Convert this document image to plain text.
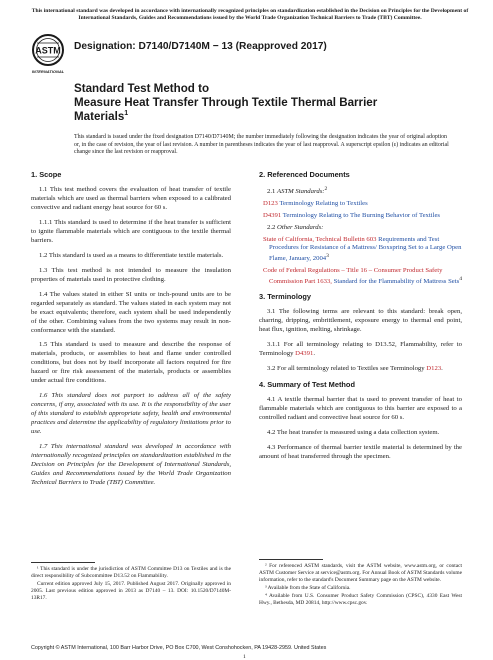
This international standard was developed in accordance with internationally recognized principles on standardization established in the Decision on Principles for the Development of International Standards, Guides and Recommendations issued by the World Trade Organization Technical Barriers to Trade (TBT) Committee.
ASTM
INTERNATIONAL
Designation: D7140/D7140M − 13 (Reapproved 2017)
Standard Test Method to
Measure Heat Transfer Through Textile Thermal Barrier
Materials$^1$
This standard is issued under the fixed designation D7140/D7140M; the number immediately following the designation indicates the year of original adoption or, in the case of revision, the year of last revision. A number in parentheses indicates the year of last reapproval. A superscript epsilon (ε) indicates an editorial change since the last revision or reapproval.
1. Scope

1.1 This test method covers the evaluation of heat transfer of textile materials which are used as thermal barriers when exposed to a calibrated convective and radiant energy heat source for 60 s.

1.1.1 This standard is used to determine if the heat transfer is sufficient to ignite flammable materials which are contiguous to the textile thermal barriers.

1.2 This standard is used as a means to differentiate textile materials.

1.3 This test method is not intended to measure the insulation properties of materials used in protective clothing.

1.4 The values stated in either SI units or inch-pound units are to be regarded separately as standard. The values stated in each system may not be exact equivalents; therefore, each system shall be used independently of the other. Combining values from the two systems may result in non-conformance with the standard.

1.5 This standard is used to measure and describe the response of materials, products, or assemblies to heat and flame under controlled conditions, but does not by itself incorporate all factors required for fire hazard or fire risk assessment of the materials, products or assemblies under actual fire conditions.

1.6 This standard does not purport to address all of the safety concerns, if any, associated with its use. It is the responsibility of the user of this standard to establish appropriate safety, health and environmental practices and determine the applicability of regulatory limitations prior to use.

1.7 This international standard was developed in accordance with internationally recognized principles on standardization established in the Decision on Principles for the Development of International Standards, Guides and Recommendations issued by the World Trade Organization Technical Barriers to Trade (TBT) Committee.

2. Referenced Documents
2.1 ASTM Standards:$^2$
D123 Terminology Relating to Textiles
D4391 Terminology Relating to The Burning Behavior of Textiles
2.2 Other Standards:
State of California, Technical Bulletin 603 Requirements and Test Procedures for Resistance of a Mattress/ Boxspring Set to a Large Open Flame, January, 2004$^3$
Code of Federal Regulations – Title 16 – Consumer Product Safety Commission Part 1633, Standard for the Flammability of Mattress Sets$^4$
3. Terminology

3.1 The following terms are relevant to this standard: break open, charring, dripping, embrittlement, exposure energy to thermal end point, heat flux, ignition, melting, shrinkage.

3.1.1 For all terminology relating to D13.52, Flammability, refer to Terminology D4391.

3.2 For all terminology related to Textiles see Terminology D123.

4. Summary of Test Method

4.1 A textile thermal barrier that is used to prevent transfer of heat to flammable materials which are contiguous to this barrier are exposed to a controlled radiant and convective heat source for 60 s.

4.2 The heat transfer is measured using a data collection system.

4.3 Performance of thermal barrier textile material is determined by the amount of heat transferred through the specimen.

¹ This standard is under the jurisdiction of ASTM Committee D13 on Textiles and is the direct responsibility of Subcommittee D13.52 on Flammability.

Current edition approved July 15, 2017. Published August 2017. Originally approved in 2005. Last previous edition approved in 2013 as D7140 – 13. DOI: 10.1520/D7140M-13R17.

² For referenced ASTM standards, visit the ASTM website, www.astm.org, or contact ASTM Customer Service at service@astm.org. For Annual Book of ASTM Standards volume information, refer to the standard's Document Summary page on the ASTM website.

³ Available from the State of California.

⁴ Available from U.S. Consumer Product Safety Commission (CPSC), 4330 East West Hwy., Bethesda, MD 20814, http://www.cpsc.gov.

Copyright © ASTM International, 100 Barr Harbor Drive, PO Box C700, West Conshohocken, PA 19428-2959. United States
1
